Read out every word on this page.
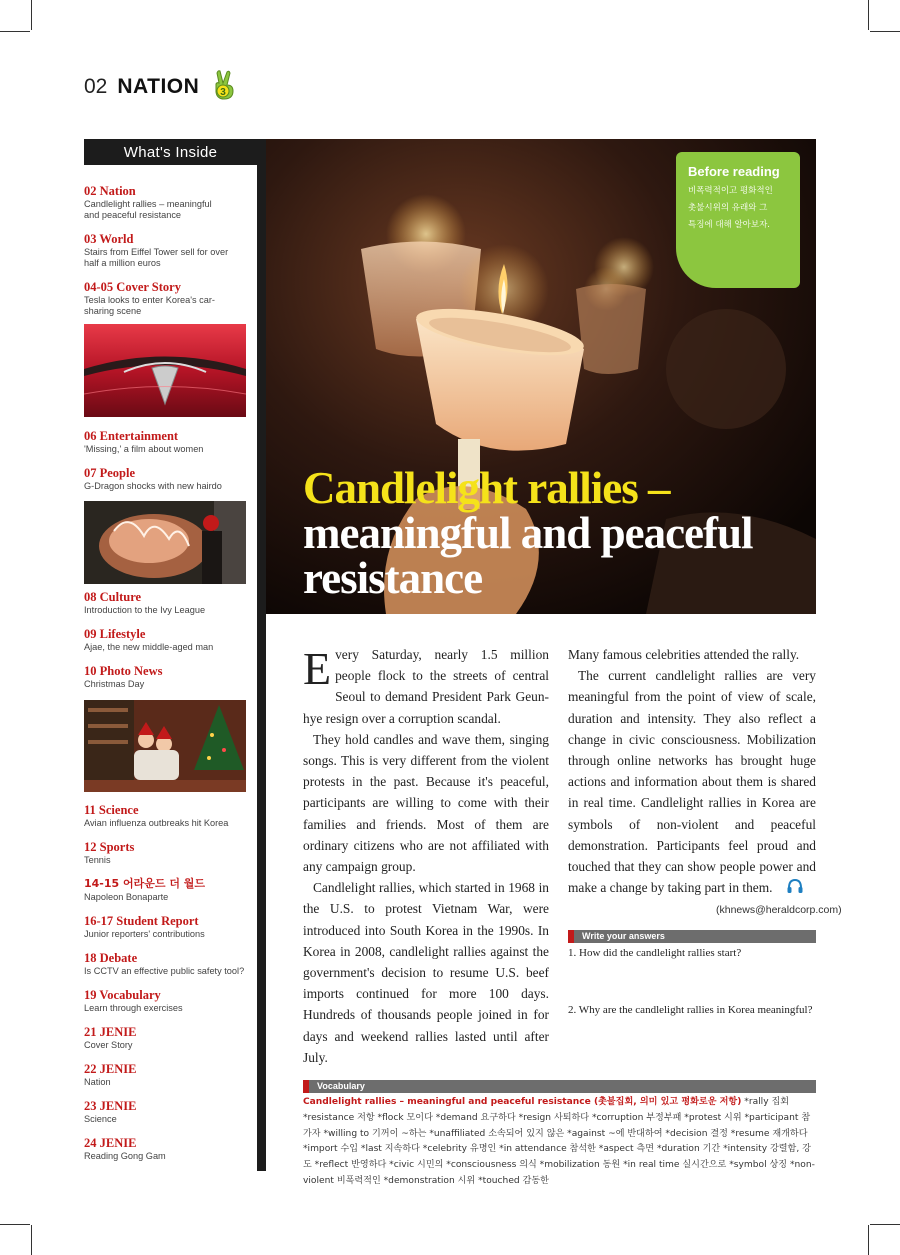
02 NATION 3
What's Inside
02 Nation
Candlelight rallies – meaningful and peaceful resistance
03 World
Stairs from Eiffel Tower sell for over half a million euros
04-05 Cover Story
Tesla looks to enter Korea's car-sharing scene
06 Entertainment
'Missing,' a film about women
07 People
G-Dragon shocks with new hairdo
08 Culture
Introduction to the Ivy League
09 Lifestyle
Ajae, the new middle-aged man
10 Photo News
Christmas Day
11 Science
Avian influenza outbreaks hit Korea
12 Sports
Tennis
14-15 어라운드 더 월드
Napoleon Bonaparte
16-17 Student Report
Junior reporters' contributions
18 Debate
Is CCTV an effective public safety tool?
19 Vocabulary
Learn through exercises
21 JENIE
Cover Story
22 JENIE
Nation
23 JENIE
Science
24 JENIE
Reading Gong Gam
Before reading
비폭력적이고 평화적인
촛불시위의 유래와 그
특징에 대해 알아보자.
Candlelight rallies –
meaningful and peaceful
resistance

Every Saturday, nearly 1.5 million people flock to the streets of central Seoul to demand President Park Geun-hye resign over a corruption scandal.

They hold candles and wave them, singing songs. This is very different from the violent protests in the past. Because it's peaceful, participants are willing to come with their families and friends. Most of them are ordinary citizens who are not affiliated with any campaign group.

Candlelight rallies, which started in 1968 in the U.S. to protest Vietnam War, were introduced into South Korea in the 1990s. In Korea in 2008, candlelight rallies against the government's decision to resume U.S. beef imports continued for more 100 days. Hundreds of thousands people joined in for days and weekend rallies lasted until after July.

Many famous celebrities attended the rally.

The current candlelight rallies are very meaningful from the point of view of scale, duration and intensity. They also reflect a change in civic consciousness. Mobilization through online networks has brought huge actions and information about them is shared in real time. Candlelight rallies in Korea are symbols of non-violent and peaceful demonstration. Participants feel proud and touched that they can show people power and make a change by taking part in them.

(khnews@heraldcorp.com)
Write your answers
1. How did the candlelight rallies start?
2. Why are the candlelight rallies in Korea meaningful?
Vocabulary
Candlelight rallies – meaningful and peaceful resistance (촛불집회, 의미 있고 평화로운 저항) *rally 집회 *resistance 저항 *flock 모이다 *demand 요구하다 *resign 사퇴하다 *corruption 부정부패 *protest 시위 *participant 참가자 *willing to 기꺼이 ~하는 *unaffiliated 소속되어 있지 않은 *against ~에 반대하여 *decision 결정 *resume 재개하다 *import 수입 *last 지속하다 *celebrity 유명인 *in attendance 참석한 *aspect 측면 *duration 기간 *intensity 강렬함, 강도 *reflect 반영하다 *civic 시민의 *consciousness 의식 *mobilization 동원 *in real time 실시간으로 *symbol 상징 *non-violent 비폭력적인 *demonstration 시위 *touched 감동한
